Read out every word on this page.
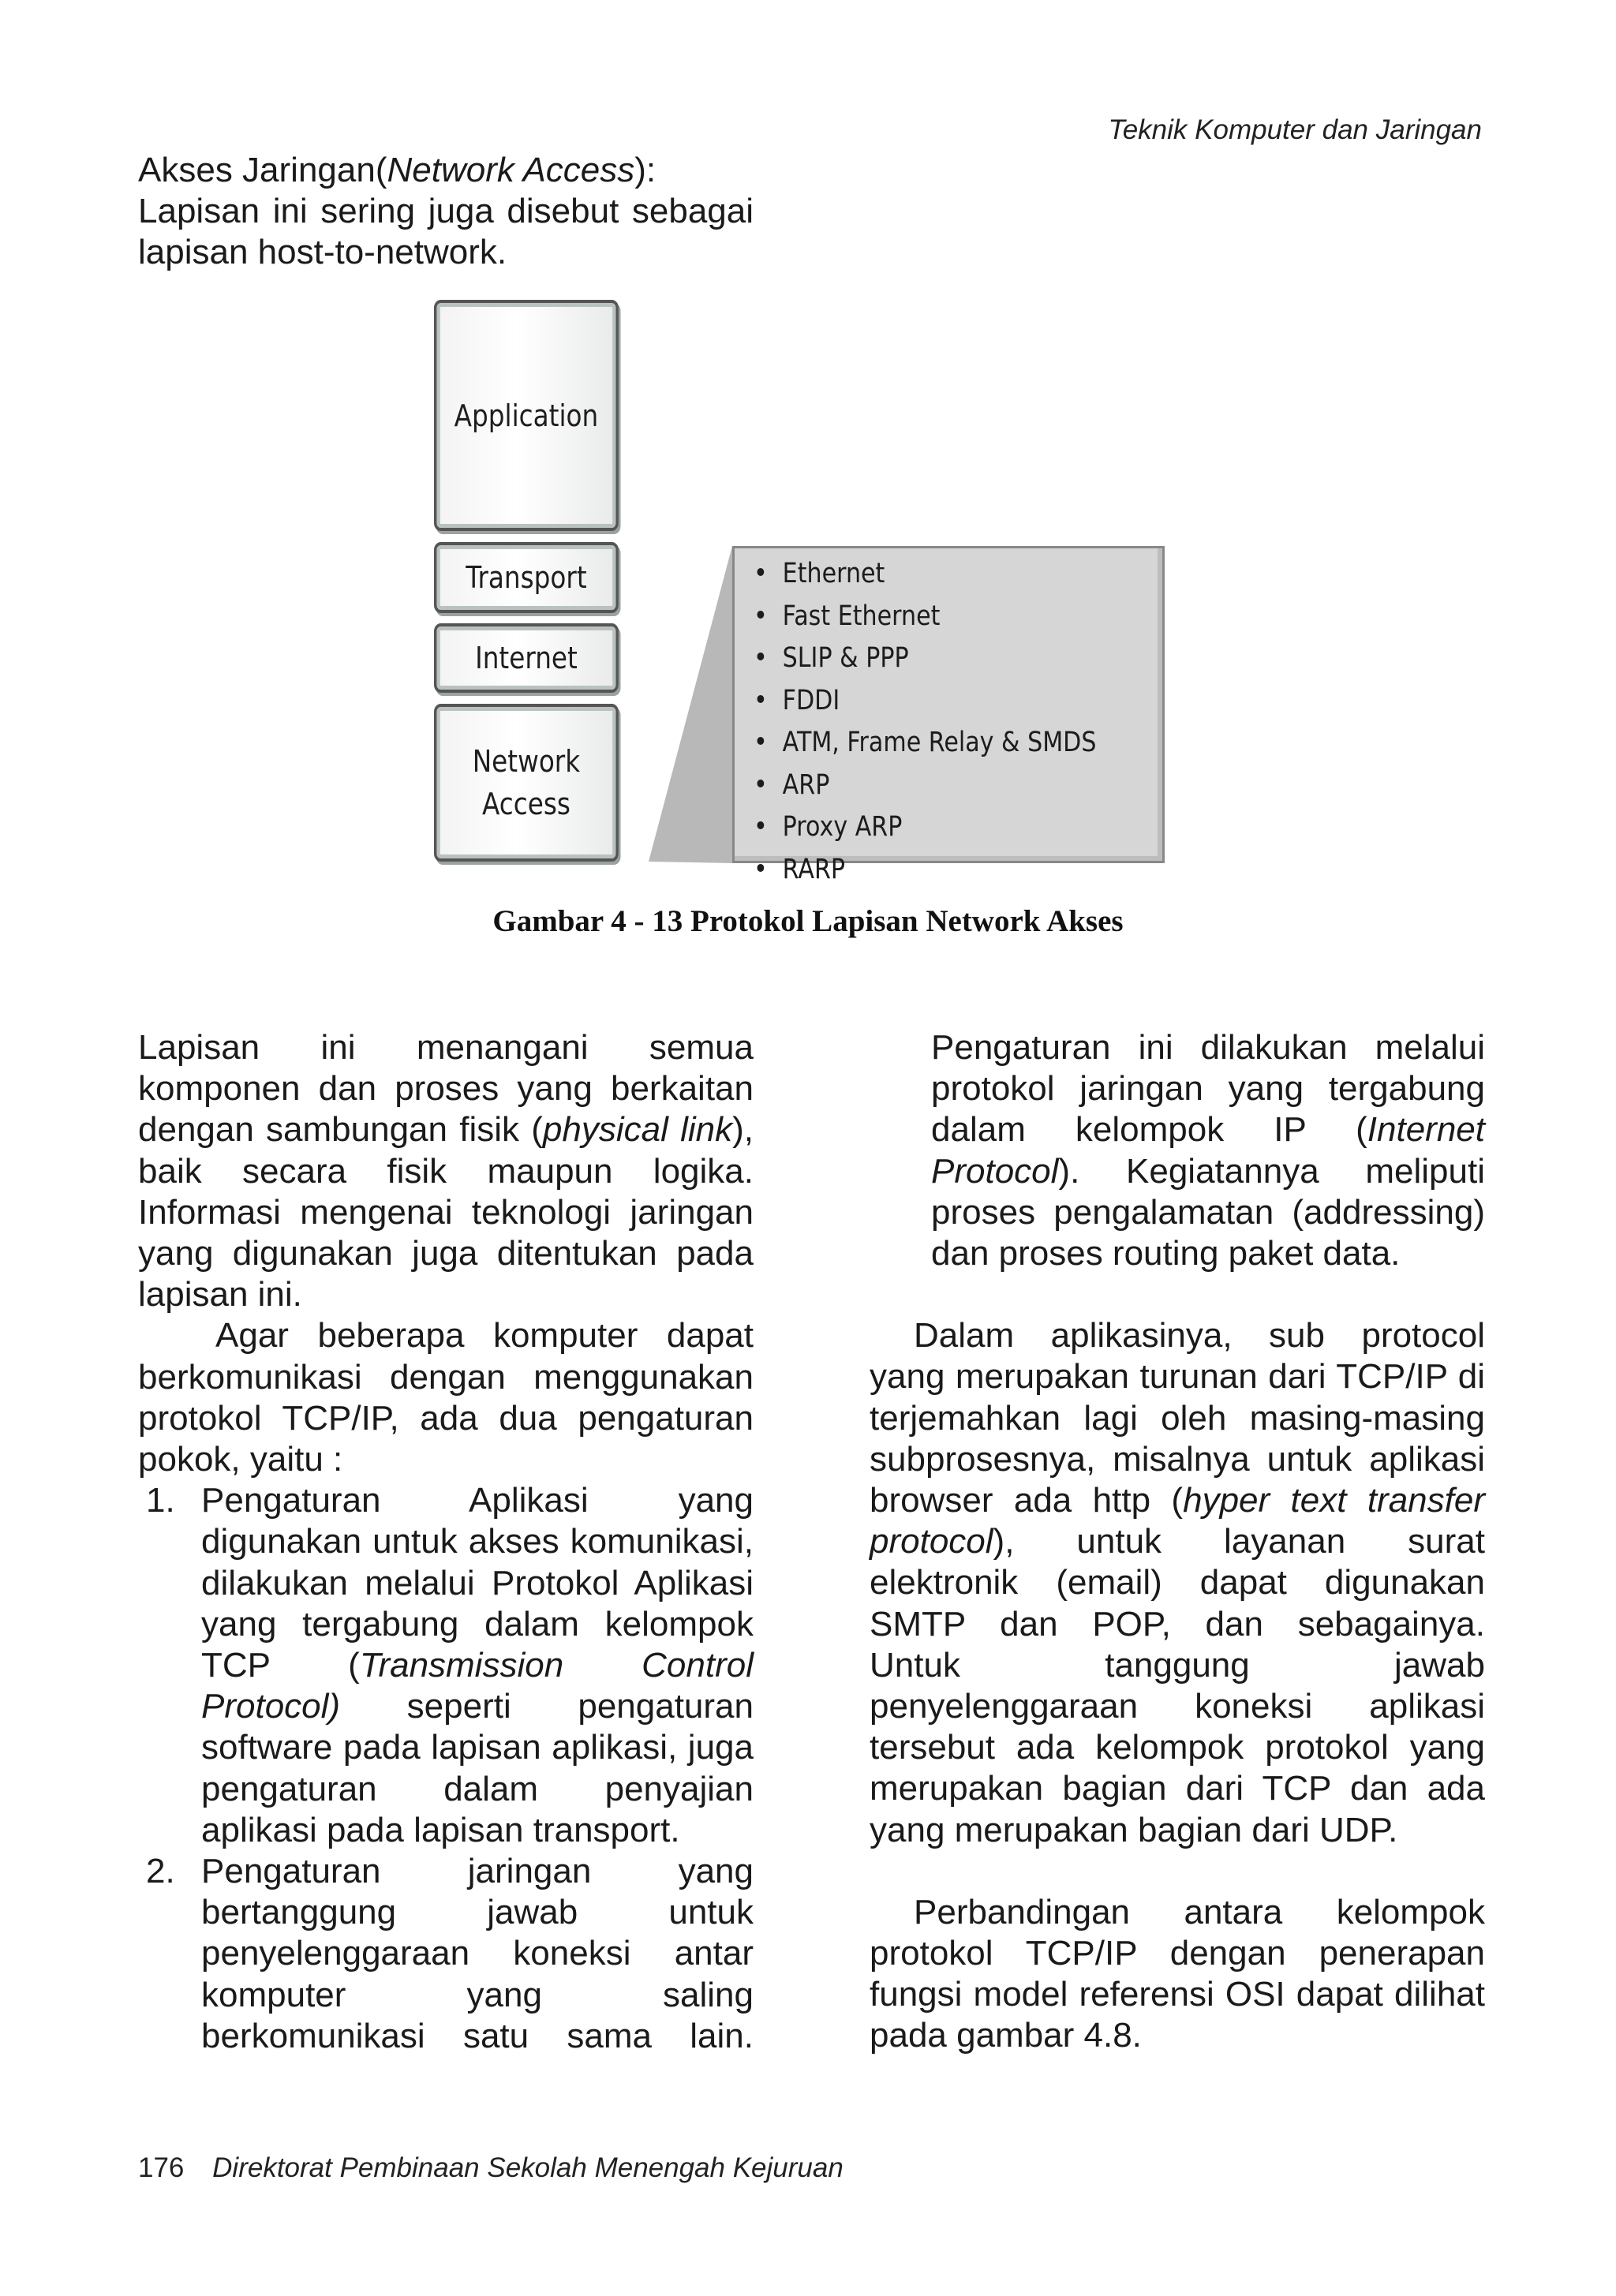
Teknik Komputer dan Jaringan

Akses Jaringan(Network Access):

Lapisan ini sering juga disebut sebagai lapisan host-to-network.

Application
Transport
Internet
Network
Access
• Ethernet
• Fast Ethernet
• SLIP & PPP
• FDDI
• ATM, Frame Relay & SMDS
• ARP
• Proxy ARP
• RARP
Gambar 4 - 13 Protokol Lapisan Network Akses

Lapisan ini menangani semua komponen dan proses yang berkaitan dengan sambungan fisik (physical link), baik secara fisik maupun logika. Informasi mengenai teknologi jaringan yang digunakan juga ditentukan pada lapisan ini.

Agar beberapa komputer dapat berkomunikasi dengan menggunakan protokol TCP/IP, ada dua pengaturan pokok, yaitu :

1. Pengaturan Aplikasi yang digunakan untuk akses komunikasi, dilakukan melalui Protokol Aplikasi yang tergabung dalam kelompok TCP (Transmission Control Protocol) seperti pengaturan software pada lapisan aplikasi, juga pengaturan dalam penyajian aplikasi pada lapisan transport.

2. Pengaturan jaringan yang bertanggung jawab untuk penyelenggaraan koneksi antar komputer yang saling berkomunikasi satu sama lain.

Pengaturan ini dilakukan melalui protokol jaringan yang tergabung dalam kelompok IP (Internet Protocol). Kegiatannya meliputi proses pengalamatan (addressing) dan proses routing paket data.

Dalam aplikasinya, sub protocol yang merupakan turunan dari TCP/IP di terjemahkan lagi oleh masing-masing subprosesnya, misalnya untuk aplikasi browser ada http (hyper text transfer protocol), untuk layanan surat elektronik (email) dapat digunakan SMTP dan POP, dan sebagainya. Untuk tanggung jawab penyelenggaraan koneksi aplikasi tersebut ada kelompok protokol yang merupakan bagian dari TCP dan ada yang merupakan bagian dari UDP.

Perbandingan antara kelompok protokol TCP/IP dengan penerapan fungsi model referensi OSI dapat dilihat pada gambar 4.8.

176 Direktorat Pembinaan Sekolah Menengah Kejuruan
